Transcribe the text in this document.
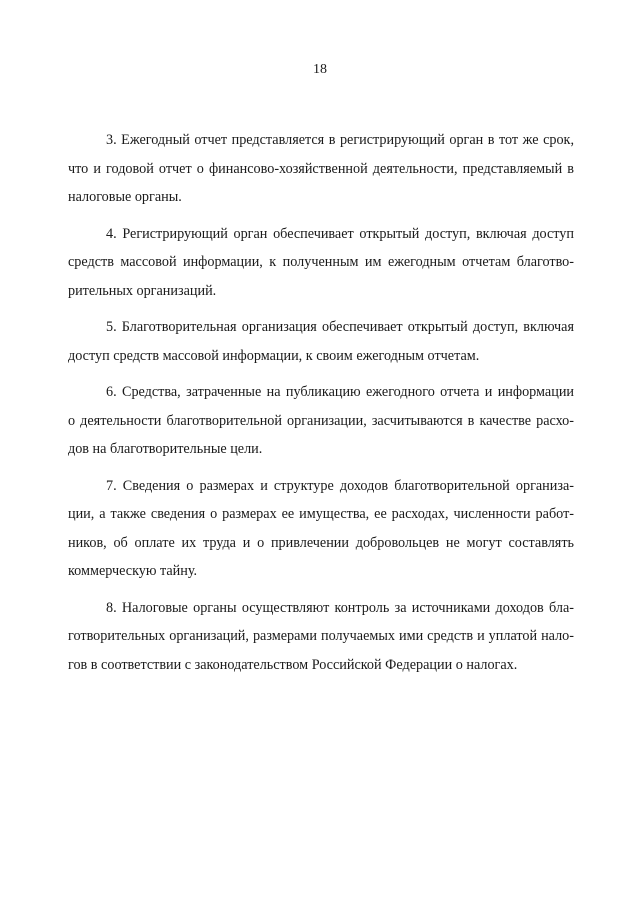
18
3. Ежегодный отчет представляется в регистрирующий орган в тот же срок,
что и годовой отчет о финансово-хозяйственной деятельности, представляемый в
налоговые органы.
4. Регистрирующий орган обеспечивает открытый доступ, включая доступ
средств массовой информации, к полученным им ежегодным отчетам благотво-
рительных организаций.
5. Благотворительная организация обеспечивает открытый доступ, включая
доступ средств массовой информации, к своим ежегодным отчетам.
6. Средства, затраченные на публикацию ежегодного отчета и информации
о деятельности благотворительной организации, засчитываются в качестве расхо-
дов на благотворительные цели.
7. Сведения о размерах и структуре доходов благотворительной организа-
ции, а также сведения о размерах ее имущества, ее расходах, численности работ-
ников, об оплате их труда и о привлечении добровольцев не могут составлять
коммерческую тайну.
8. Налоговые органы осуществляют контроль за источниками доходов бла-
готворительных организаций, размерами получаемых ими средств и уплатой нало-
гов в соответствии с законодательством Российской Федерации о налогах.
